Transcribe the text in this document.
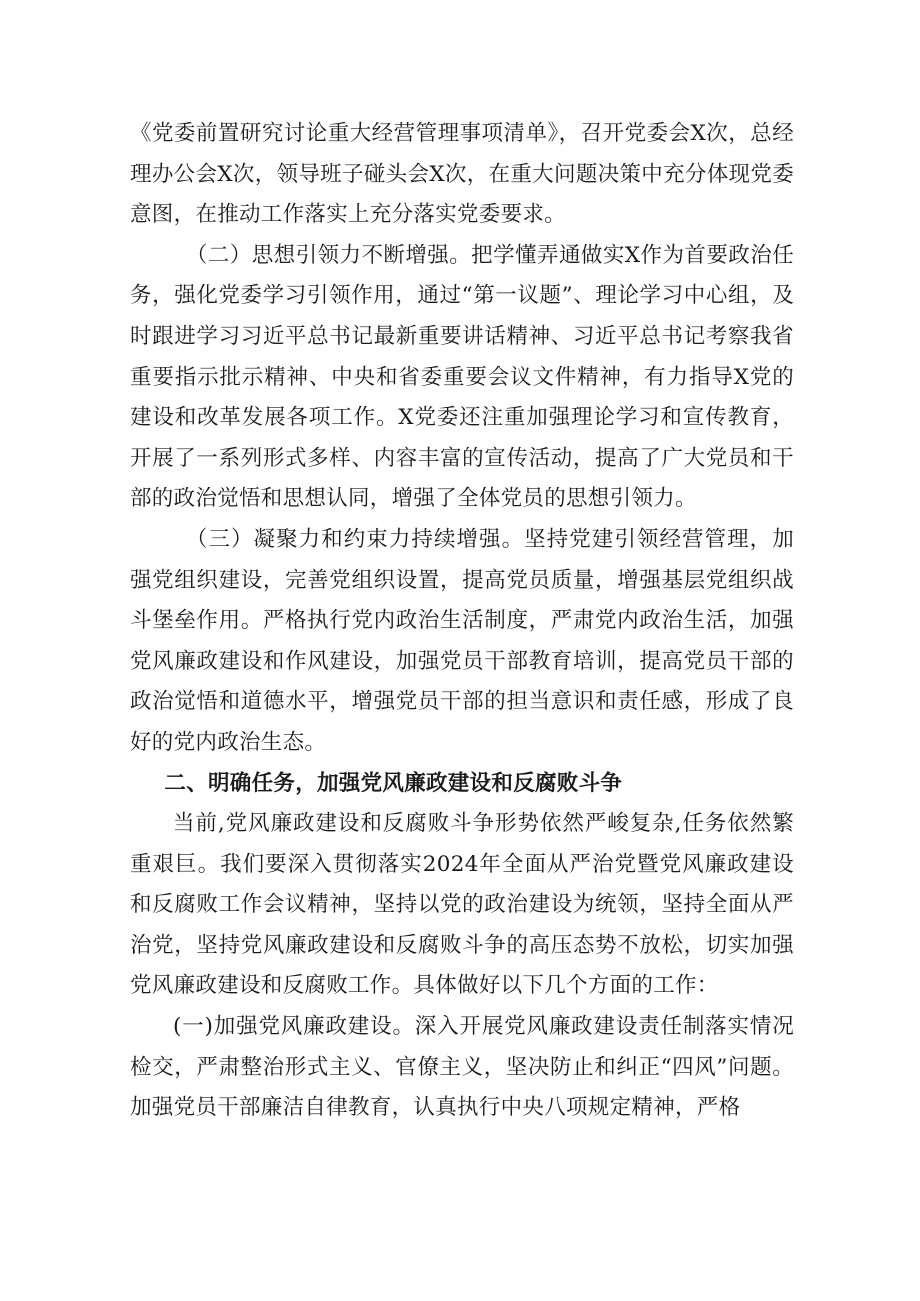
《党委前置研究讨论重大经营管理事项清单》，召开党委会X次，总经理办公会X次，领导班子碰头会X次，在重大问题决策中充分体现党委意图，在推动工作落实上充分落实党委要求。

（二）思想引领力不断增强。把学懂弄通做实X作为首要政治任务，强化党委学习引领作用，通过“第一议题”、理论学习中心组，及时跟进学习习近平总书记最新重要讲话精神、习近平总书记考察我省重要指示批示精神、中央和省委重要会议文件精神，有力指导X党的建设和改革发展各项工作。X党委还注重加强理论学习和宣传教育，开展了一系列形式多样、内容丰富的宣传活动，提高了广大党员和干部的政治觉悟和思想认同，增强了全体党员的思想引领力。

（三）凝聚力和约束力持续增强。坚持党建引领经营管理，加强党组织建设，完善党组织设置，提高党员质量，增强基层党组织战斗堡垒作用。严格执行党内政治生活制度，严肃党内政治生活，加强党风廉政建设和作风建设，加强党员干部教育培训，提高党员干部的政治觉悟和道德水平，增强党员干部的担当意识和责任感，形成了良好的党内政治生态。

二、明确任务，加强党风廉政建设和反腐败斗争

当前,党风廉政建设和反腐败斗争形势依然严峻复杂,任务依然繁重艰巨。我们要深入贯彻落实2024年全面从严治党暨党风廉政建设和反腐败工作会议精神，坚持以党的政治建设为统领，坚持全面从严治党，坚持党风廉政建设和反腐败斗争的高压态势不放松，切实加强党风廉政建设和反腐败工作。具体做好以下几个方面的工作：

(一)加强党风廉政建设。深入开展党风廉政建设责任制落实情况检交，严肃整治形式主义、官僚主义，坚决防止和纠正“四风”问题。加强党员干部廉洁自律教育，认真执行中央八项规定精神，严格
